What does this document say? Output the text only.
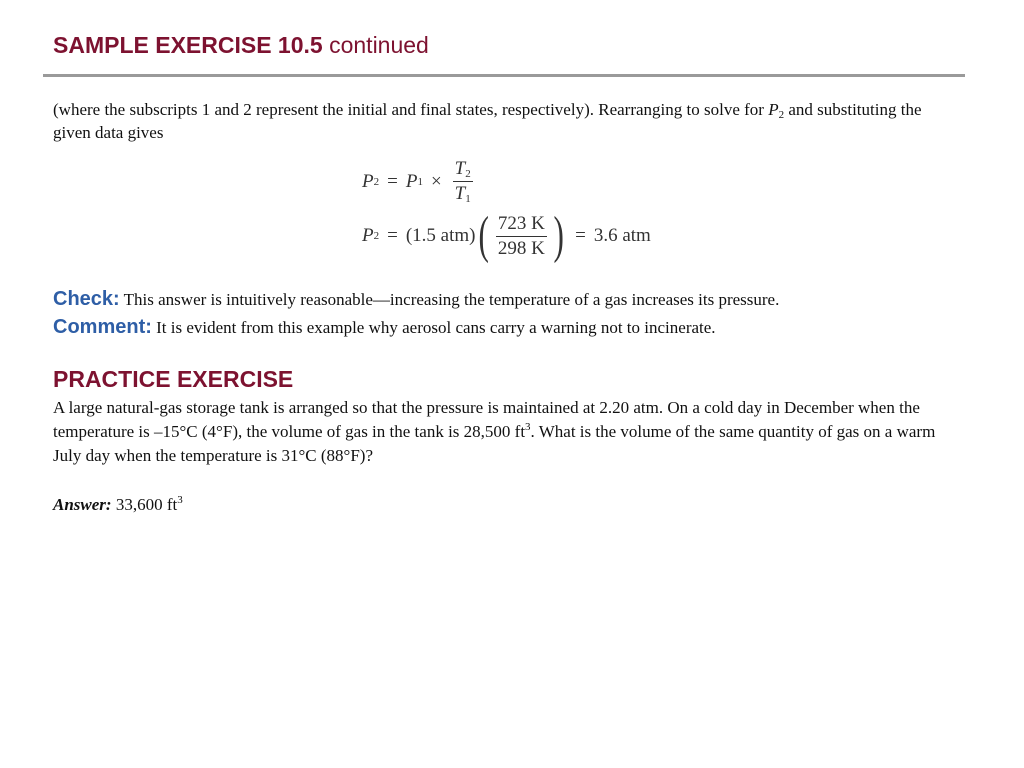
SAMPLE EXERCISE 10.5 continued
(where the subscripts 1 and 2 represent the initial and final states, respectively). Rearranging to solve for $P_2$ and substituting the given data gives
P 2 = P $1 \times \frac{T_2}{T_1}$
P 2 = (1.5 atm) ( $\frac{723 K}{298 K}$ ) = 3.6 atm
Check: This answer is intuitively reasonable—increasing the temperature of a gas increases its pressure.
Comment: It is evident from this example why aerosol cans carry a warning not to incinerate.
PRACTICE EXERCISE
A large natural-gas storage tank is arranged so that the pressure is maintained at 2.20 atm. On a cold day in December when the temperature is –15°C (4°F), the volume of gas in the tank is 28,500 $ft^3$. What is the volume of the same quantity of gas on a warm July day when the temperature is 31°C (88°F)?
Answer: 33,600 $ft^3$
